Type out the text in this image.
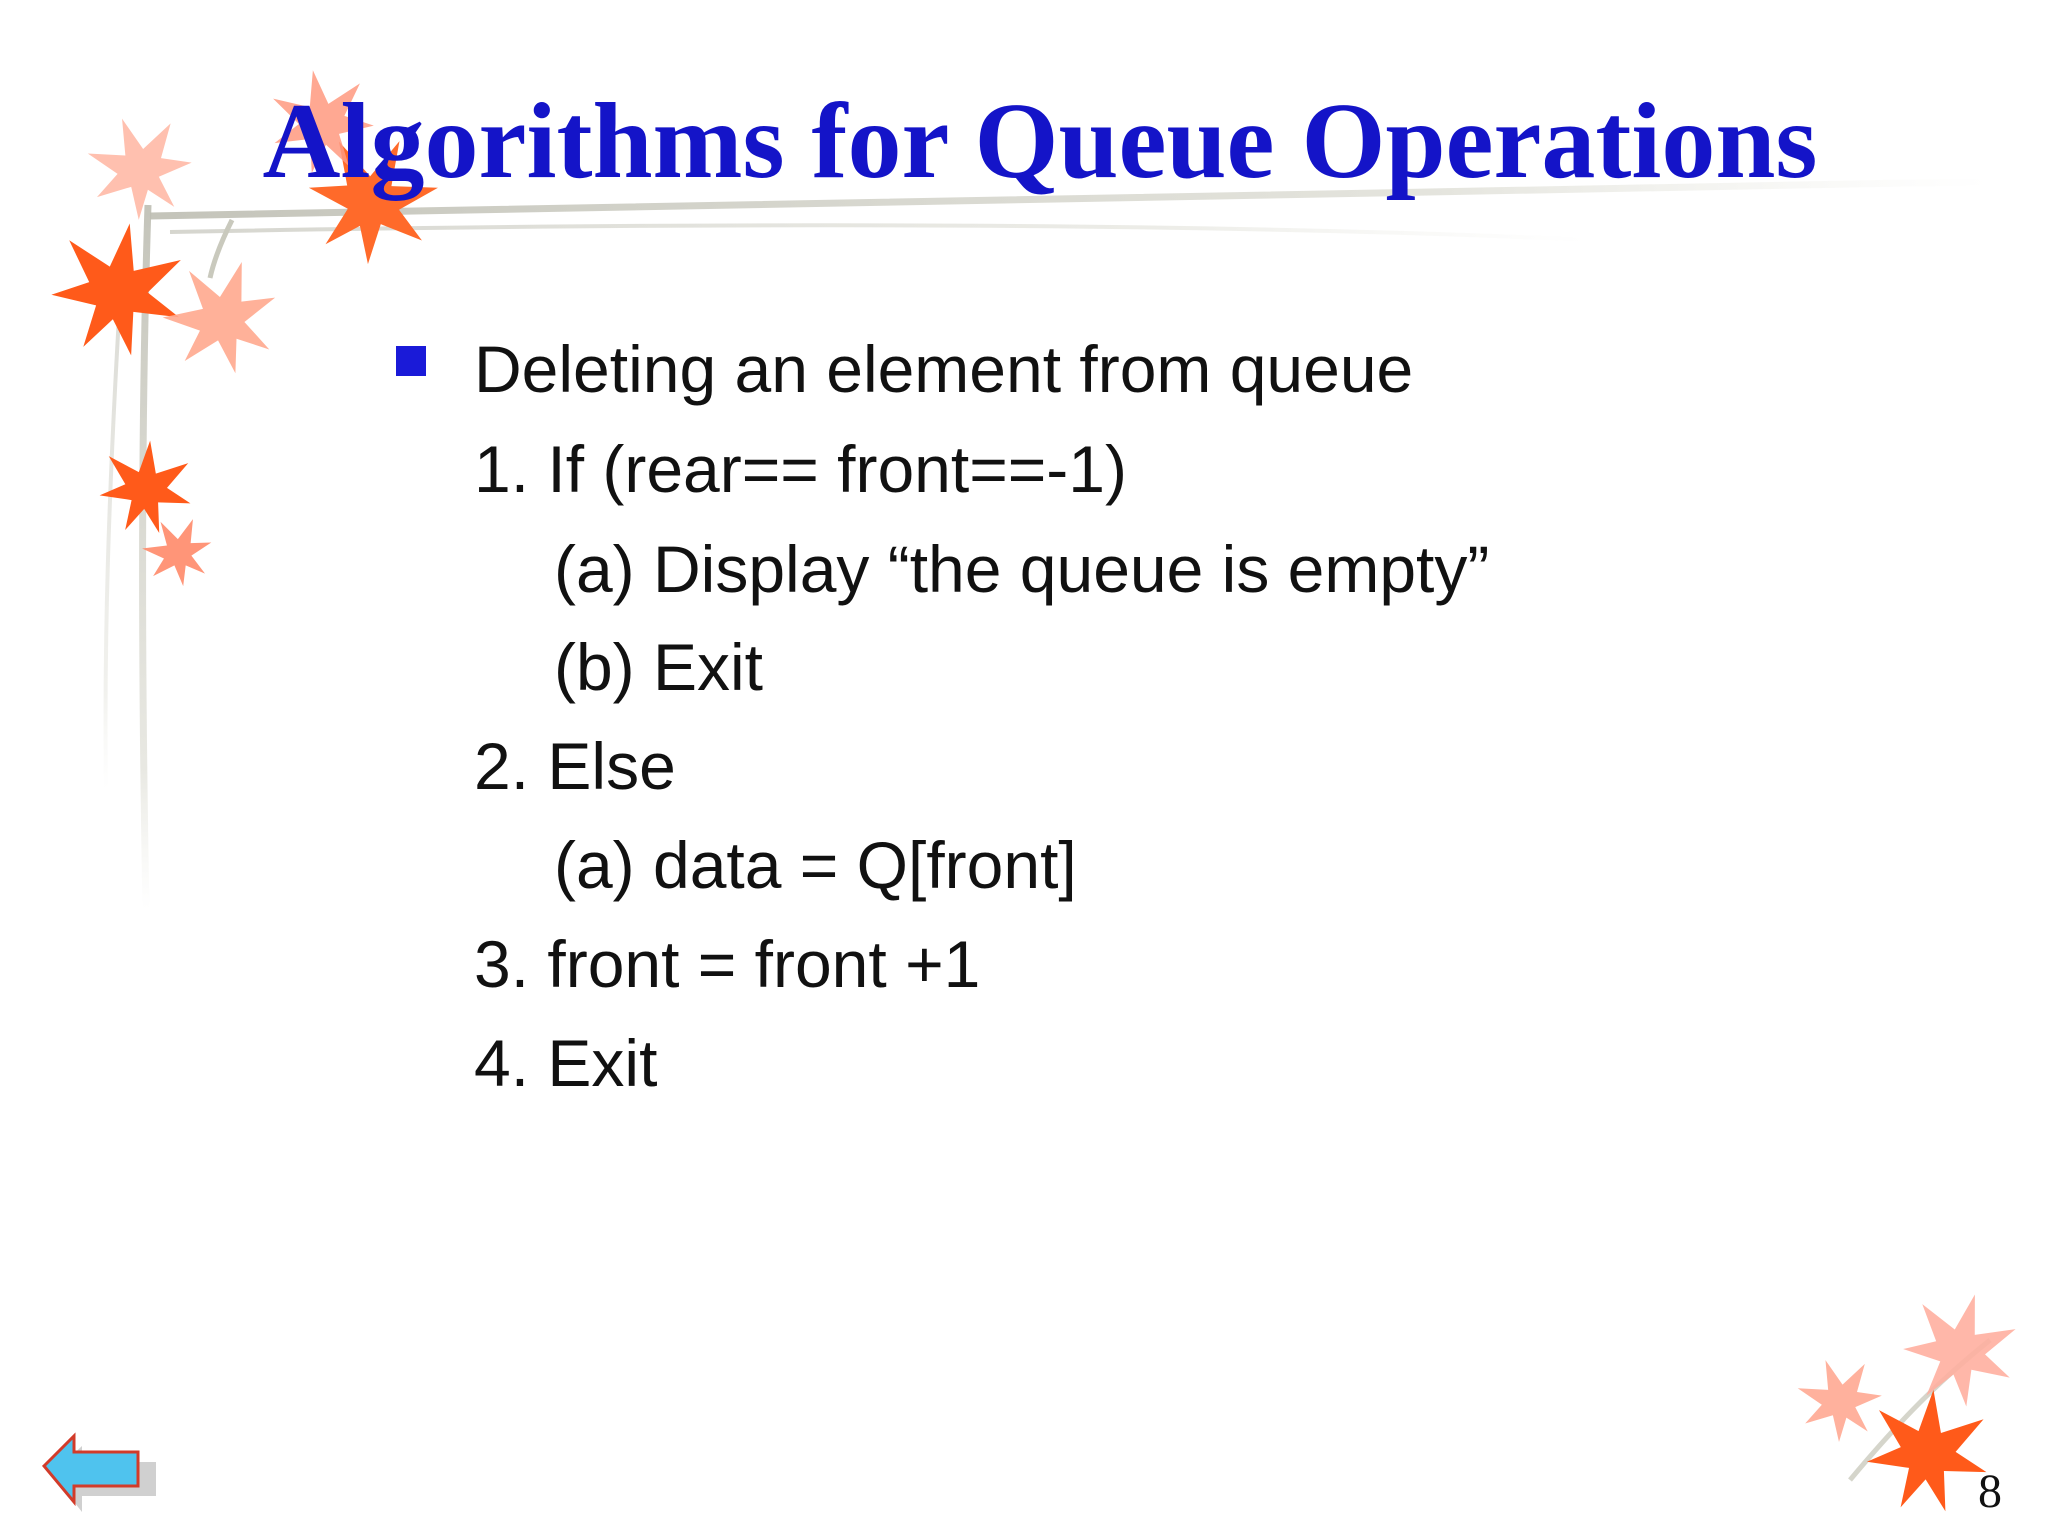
Algorithms for Queue Operations
Deleting an element from queue
1. If (rear== front==-1)
(a) Display “the queue is empty”
(b) Exit
2. Else
(a) data = Q[front]
3. front = front +1
4. Exit
8
